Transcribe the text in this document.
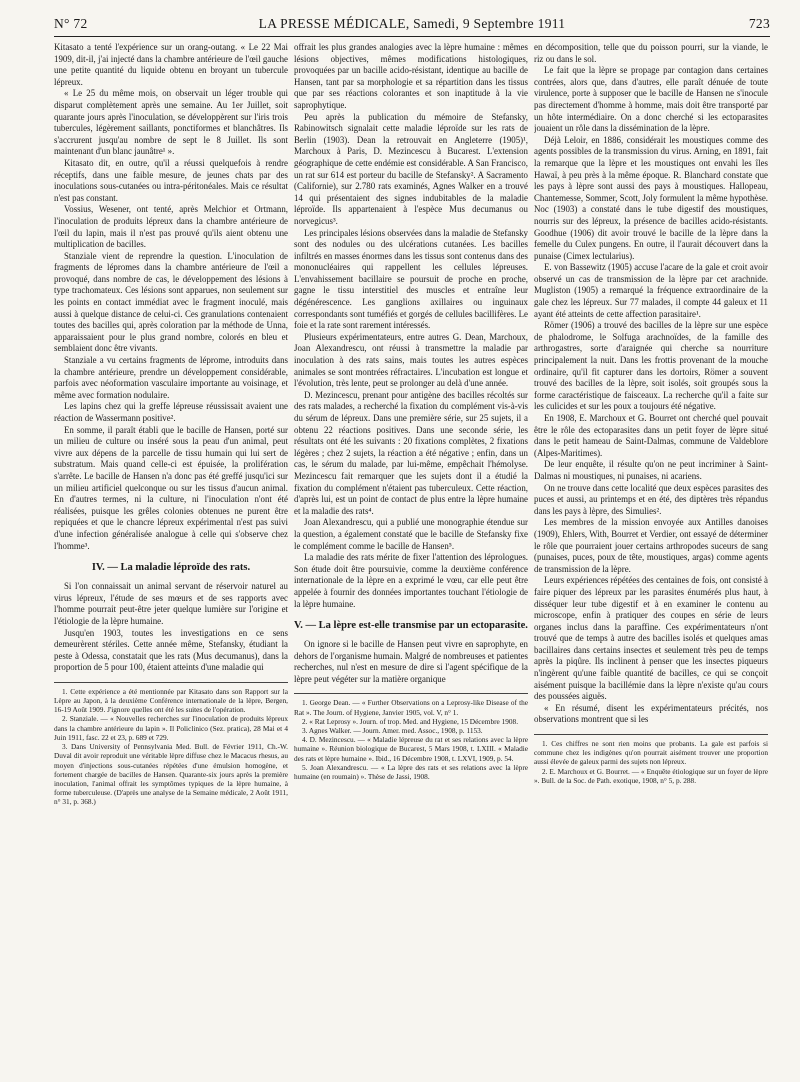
N° 72	LA PRESSE MÉDICALE, Samedi, 9 Septembre 1911	723

Kitasato a tenté l'expérience sur un orang-outang. « Le 22 Mai 1909, dit-il, j'ai injecté dans la chambre antérieure de l'œil gauche une petite quantité du liquide obtenu en broyant un tubercule lépreux.

« Le 25 du même mois, on observait un léger trouble qui disparut complètement après une semaine. Au 1er Juillet, soit quarante jours après l'inoculation, se développèrent sur l'iris trois tubercules, légèrement saillants, ponctiformes et blanchâtres. Ils s'accrurent jusqu'au nombre de sept le 8 Juillet. Ils sont maintenant d'un blanc jaunâtre¹ ».

Kitasato dit, en outre, qu'il a réussi quelquefois à rendre réceptifs, dans une faible mesure, de jeunes chats par des inoculations sous-cutanées ou intra-péritonéales. Mais ce résultat n'est pas constant.

Vossius, Wesener, ont tenté, après Melchior et Ortmann, l'inoculation de produits lépreux dans la chambre antérieure de l'œil du lapin, mais il n'est pas prouvé qu'ils aient obtenu une multiplication de bacilles.

Stanziale vient de reprendre la question. L'inoculation de fragments de lépromes dans la chambre antérieure de l'œil a provoqué, dans nombre de cas, le développement des lésions à type trachomateux. Ces lésions sont apparues, non seulement sur les points en contact immédiat avec le fragment inoculé, mais aussi à quelque distance de celui-ci. Ces granulations contenaient toutes des bacilles qui, après coloration par la méthode de Unna, apparaissaient pour le plus grand nombre, colorés en bleu et semblaient donc être vivants.

Stanziale a vu certains fragments de léprome, introduits dans la chambre antérieure, prendre un développement considérable, parfois avec néoformation vasculaire importante au voisinage, et même avec formation nodulaire.

Les lapins chez qui la greffe lépreuse réussissait avaient une réaction de Wassermann positive².

En somme, il paraît établi que le bacille de Hansen, porté sur un milieu de culture ou inséré sous la peau d'un animal, peut vivre aux dépens de la parcelle de tissu humain qui lui sert de substratum. Mais quand celle-ci est épuisée, la prolifération s'arrête. Le bacille de Hansen n'a donc pas été greffé jusqu'ici sur un milieu artificiel quelconque ou sur les tissus d'aucun animal. En d'autres termes, ni la culture, ni l'inoculation n'ont été réalisées, puisque les grêles colonies obtenues ne purent être repiquées et que le chancre lépreux expérimental n'est pas suivi d'une infection généralisée analogue à celle qui s'observe chez l'homme³.

IV. — La maladie léproïde des rats.

Si l'on connaissait un animal servant de réservoir naturel au virus lépreux, l'étude de ses mœurs et de ses rapports avec l'homme pourrait peut-être jeter quelque lumière sur l'origine et l'étiologie de la lèpre humaine.

Jusqu'en 1903, toutes les investigations en ce sens demeurèrent stériles. Cette année même, Stefansky, étudiant la peste à Odessa, constatait que les rats (Mus decumanus), dans la proportion de 5 pour 100, étaient atteints d'une maladie qui

1. Cette expérience a été mentionnée par Kitasato dans son Rapport sur la Lèpre au Japon, à la deuxième Conférence internationale de la lèpre, Bergen, 16-19 Août 1909. J'ignore quelles ont été les suites de l'opération.

2. Stanziale. — « Nouvelles recherches sur l'inoculation de produits lépreux dans la chambre antérieure du lapin ». Il Policlinico (Sez. pratica), 28 Mai et 4 Juin 1911, fasc. 22 et 23, p. 689 et 729.

3. Dans University of Pennsylvania Med. Bull. de Février 1911, Ch.-W. Duval dit avoir reproduit une véritable lèpre diffuse chez le Macacus rhesus, au moyen d'injections sous-cutanées répétées d'une émulsion homogène, et fortement chargée de bacilles de Hansen. Quarante-six jours après la première inoculation, l'animal offrait les symptômes typiques de la lèpre humaine, à forme tuberculeuse. (D'après une analyse de la Semaine médicale, 2 Août 1911, n° 31, p. 368.)

offrait les plus grandes analogies avec la lèpre humaine : mêmes lésions objectives, mêmes modifications histologiques, provoquées par un bacille acido-résistant, identique au bacille de Hansen, tant par sa morphologie et sa répartition dans les tissus que par ses réactions colorantes et son inaptitude à la vie saprophytique.

Peu après la publication du mémoire de Stefansky, Rabinowitsch signalait cette maladie léproïde sur les rats de Berlin (1903). Dean la retrouvait en Angleterre (1905)¹, Marchoux à Paris, D. Mezincescu à Bucarest. L'extension géographique de cette endémie est considérable. A San Francisco, un rat sur 614 est porteur du bacille de Stefansky². A Sacramento (Californie), sur 2.780 rats examinés, Agnes Walker en a trouvé 14 qui présentaient des signes indubitables de la maladie léproïde. Ils appartenaient à l'espèce Mus decumanus ou norvegicus³.

Les principales lésions observées dans la maladie de Stefansky sont des nodules ou des ulcérations cutanées. Les bacilles infiltrés en masses énormes dans les tissus sont contenus dans des mononucléaires qui rappellent les cellules lépreuses. L'envahissement bacillaire se poursuit de proche en proche, gagne le tissu interstitiel des muscles et entraîne leur dégénérescence. Les ganglions axillaires ou inguinaux correspondants sont tuméfiés et gorgés de cellules bacillifères. Le foie et la rate sont rarement intéressés.

Plusieurs expérimentateurs, entre autres G. Dean, Marchoux, Joan Alexandrescu, ont réussi à transmettre la maladie par inoculation à des rats sains, mais toutes les autres espèces animales se sont montrées réfractaires. L'incubation est longue et l'évolution, très lente, peut se prolonger au delà d'une année.

D. Mezincescu, prenant pour antigène des bacilles récoltés sur des rats malades, a recherché la fixation du complément vis-à-vis du sérum de lépreux. Dans une première série, sur 25 sujets, il a obtenu 22 réactions positives. Dans une seconde série, les résultats ont été les suivants : 20 fixations complètes, 2 fixations légères ; chez 2 sujets, la réaction a été négative ; enfin, dans un cas, le sérum du malade, par lui-même, empêchait l'hémolyse. Mezincescu fait remarquer que les sujets dont il a étudié la fixation du complément n'étaient pas tuberculeux. Cette réaction, d'après lui, est un point de contact de plus entre la lèpre humaine et la maladie des rats⁴.

Joan Alexandrescu, qui a publié une monographie étendue sur la question, a également constaté que le bacille de Stefansky fixe le complément comme le bacille de Hansen⁵.

La maladie des rats mérite de fixer l'attention des léprologues. Son étude doit être poursuivie, comme la deuxième conférence internationale de la lèpre en a exprimé le vœu, car elle peut être appelée à fournir des données importantes touchant l'étiologie de la lèpre humaine.

V. — La lèpre est-elle transmise par un ectoparasite.

On ignore si le bacille de Hansen peut vivre en saprophyte, en dehors de l'organisme humain. Malgré de nombreuses et patientes recherches, nul n'est en mesure de dire si l'agent spécifique de la lèpre peut végéter sur la matière organique

1. George Dean. — « Further Observations on a Leprosy-like Disease of the Rat ». The Journ. of Hygiene, Janvier 1905, vol. V, n° 1.

2. « Rat Leprosy ». Journ. of trop. Med. and Hygiene, 15 Décembre 1908.

3. Agnes Walker. — Journ. Amer. med. Assoc., 1908, p. 1153.

4. D. Mezincescu. — « Maladie lépreuse du rat et ses relations avec la lèpre humaine ». Réunion biologique de Bucarest, 5 Mars 1908, t. LXIII. « Maladie des rats et lèpre humaine ». Ibid., 16 Décembre 1908, t. LXVI, 1909, p. 54.

5. Joan Alexandrescu. — « La lèpre des rats et ses relations avec la lèpre humaine (en roumain) ». Thèse de Jassi, 1908.

en décomposition, telle que du poisson pourri, sur la viande, le riz ou dans le sol.

Le fait que la lèpre se propage par contagion dans certaines contrées, alors que, dans d'autres, elle paraît dénuée de toute virulence, porte à supposer que le bacille de Hansen ne s'inocule pas directement d'homme à homme, mais doit être transporté par un hôte intermédiaire. On a donc cherché si les ectoparasites jouaient un rôle dans la dissémination de la lèpre.

Déjà Leloir, en 1886, considérait les moustiques comme des agents possibles de la transmission du virus. Arning, en 1891, fait la remarque que la lèpre et les moustiques ont envahi les îles Hawaï, à peu près à la même époque. R. Blanchard constate que les pays à lèpre sont aussi des pays à moustiques. Hallopeau, Chantemesse, Sommer, Scott, Joly formulent la même hypothèse. Noc (1903) a constaté dans le tube digestif des moustiques, nourris sur des lépreux, la présence de bacilles acido-résistants. Goodhue (1906) dit avoir trouvé le bacille de la lèpre dans la femelle du Culex pungens. En outre, il l'aurait découvert dans la punaise (Cimex lectularius).

E. von Bassewitz (1905) accuse l'acare de la gale et croit avoir observé un cas de transmission de la lèpre par cet arachnide. Mugliston (1905) a remarqué la fréquence extraordinaire de la gale chez les lépreux. Sur 77 malades, il compte 44 galeux et 11 ayant été atteints de cette affection parasitaire¹.

Römer (1906) a trouvé des bacilles de la lèpre sur une espèce de phalodrome, le Solfuga arachnoïdes, de la famille des arthrogastres, sorte d'araignée qui cherche sa nourriture principalement la nuit. Dans les frottis provenant de la mouche ordinaire, qu'il fit capturer dans les dortoirs, Römer a souvent trouvé des bacilles de la lèpre, soit isolés, soit groupés sous la forme caractéristique de faisceaux. La recherche qu'il a faite sur les culicides et sur les poux a toujours été négative.

En 1908, E. Marchoux et G. Bourret ont cherché quel pouvait être le rôle des ectoparasites dans un petit foyer de lèpre situé dans le petit hameau de Saint-Dalmas, commune de Valdeblore (Alpes-Maritimes).

De leur enquête, il résulte qu'on ne peut incriminer à Saint-Dalmas ni moustiques, ni punaises, ni acariens.

On ne trouve dans cette localité que deux espèces parasites des puces et aussi, au printemps et en été, des diptères très répandus dans les pays à lèpre, des Simulies².

Les membres de la mission envoyée aux Antilles danoises (1909), Ehlers, With, Bourret et Verdier, ont essayé de déterminer le rôle que pourraient jouer certains arthropodes suceurs de sang (punaises, puces, poux de tête, moustiques, argas) comme agents de transmission de la lèpre.

Leurs expériences répétées des centaines de fois, ont consisté à faire piquer des lépreux par les parasites énumérés plus haut, à disséquer leur tube digestif et à en examiner le contenu au microscope, enfin à pratiquer des coupes en série de leurs organes inclus dans la paraffine. Ces expérimentateurs n'ont trouvé que de temps à autre des bacilles isolés et quelques amas bacillaires dans certains insectes et seulement très peu de temps après la piqûre. Ils inclinent à penser que les insectes piqueurs n'ingèrent qu'une faible quantité de bacilles, ce qui se conçoit aisément puisque la bacillémie dans la lèpre n'existe qu'au cours des poussées aiguës.

« En résumé, disent les expérimentateurs précités, nos observations montrent que si les

1. Ces chiffres ne sont rien moins que probants. La gale est parfois si commune chez les indigènes qu'on pourrait aisément trouver une proportion aussi élevée de galeux parmi des sujets non lépreux.

2. E. Marchoux et G. Bourret. — « Enquête étiologique sur un foyer de lèpre ». Bull. de la Soc. de Path. exotique, 1908, n° 5, p. 288.
